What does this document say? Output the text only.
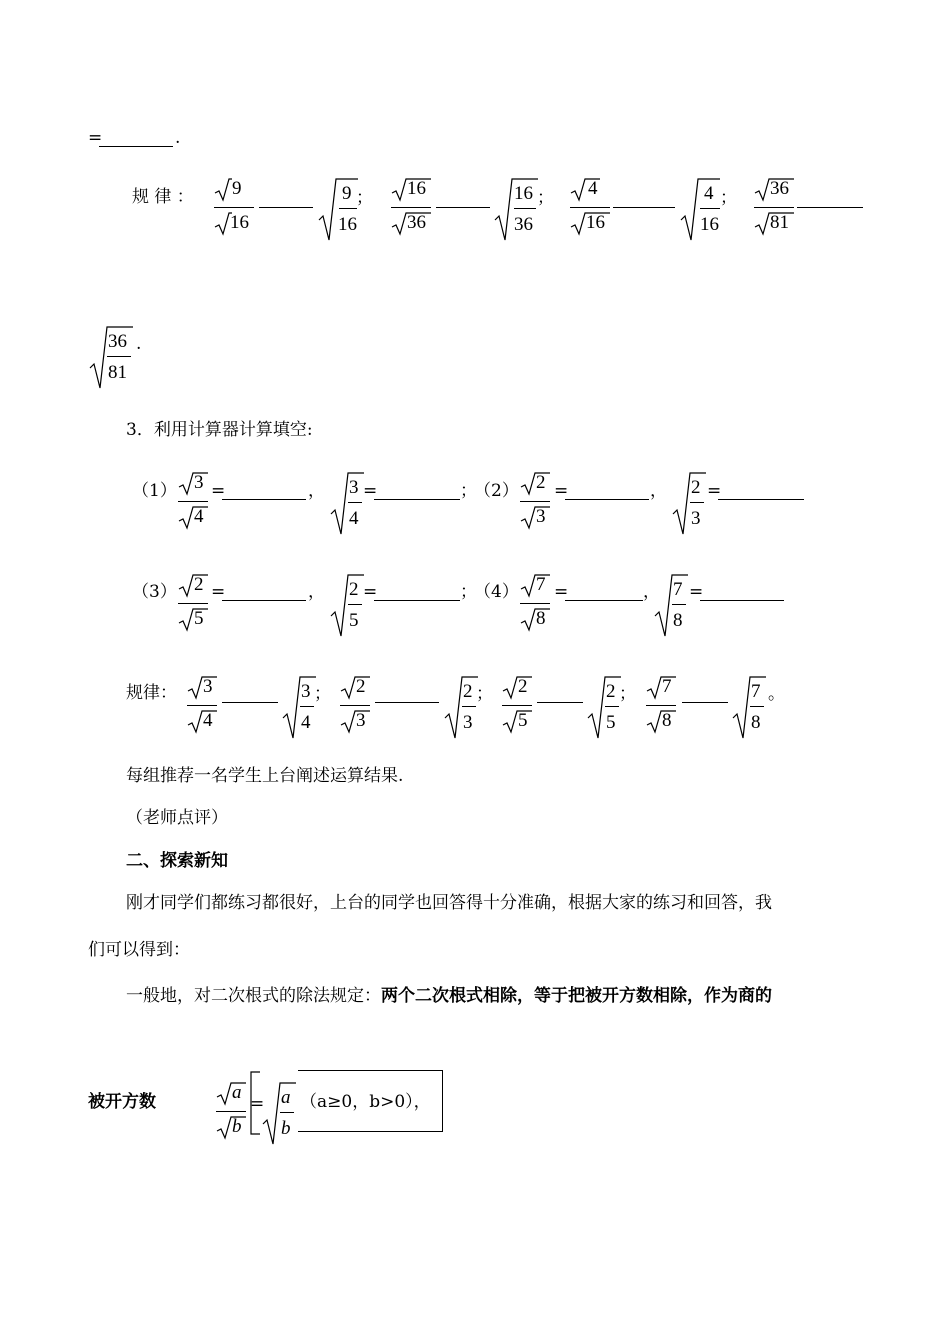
=	.
规 律 ： 9
16
9
16
； 16
36
16
36
； 4
16
4
16
； 36
81
36
81
.
3．利用计算器计算填空:
（1） 3
4
=	， 3
4
=	；
（2） 2
3
=	， 2
3
=
（3） 2
5
=	， 2
5
=	；
（4） 7
8
=	， 7
8
=
规律： 3
4
3
4
； 2
3
2
3
； 2
5
2
5
； 7
8
7
8
。
每组推荐一名学生上台阐述运算结果.
（老师点评）
二、探索新知
刚才同学们都练习都很好，上台的同学也回答得十分准确，根据大家的练习和回答，我
们可以得到：
一般地，对二次根式的除法规定：两个二次根式相除，等于把被开方数相除，作为商的
被开方数	a
b
= a
b
（a≥0，b>0），
